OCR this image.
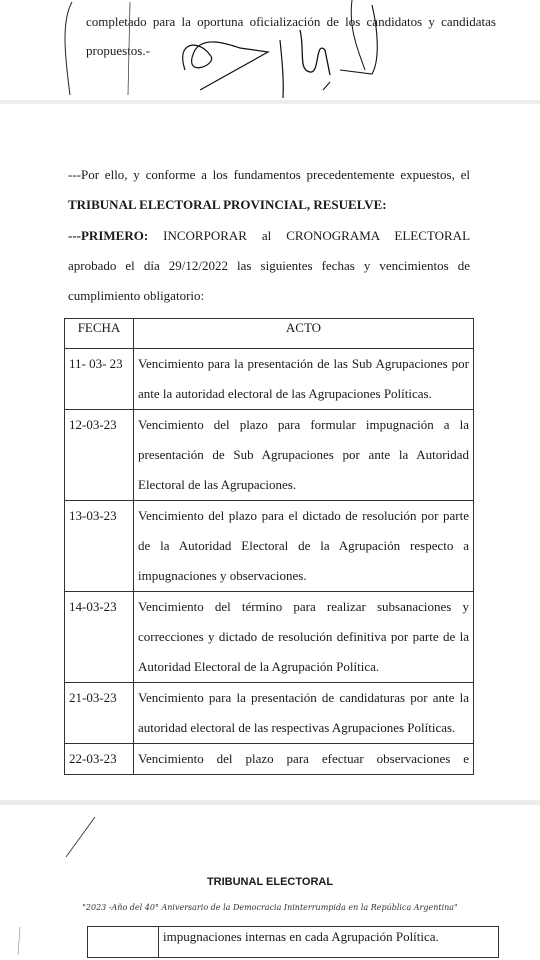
completado para la oportuna oficialización de los candidatos y candidatas
propuestos.-
---Por ello, y conforme a los fundamentos precedentemente expuestos, el
TRIBUNAL ELECTORAL PROVINCIAL, RESUELVE:
---PRIMERO: INCORPORAR al CRONOGRAMA ELECTORAL
aprobado el día 29/12/2022 las siguientes fechas y vencimientos de
cumplimiento obligatorio:
FECHA	ACTO
11- 03- 23	Vencimiento para la presentación de las Sub Agrupaciones por
ante la autoridad electoral de las Agrupaciones Políticas.

12-03-23	Vencimiento del plazo para formular impugnación a la
presentación de Sub Agrupaciones por ante la Autoridad
Electoral de las Agrupaciones.

13-03-23	Vencimiento del plazo para el dictado de resolución por parte
de la Autoridad Electoral de la Agrupación respecto a
impugnaciones y observaciones.

14-03-23	Vencimiento del término para realizar subsanaciones y
correcciones y dictado de resolución definitiva por parte de la
Autoridad Electoral de la Agrupación Política.

21-03-23	Vencimiento para la presentación de candidaturas por ante la
autoridad electoral de las respectivas Agrupaciones Políticas.

22-03-23	Vencimiento del plazo para efectuar observaciones e
TRIBUNAL ELECTORAL
"2023 -Año del 40° Aniversario de la Democracia Ininterrumpida en la República Argentina"
	impugnaciones internas en cada Agrupación Política.
